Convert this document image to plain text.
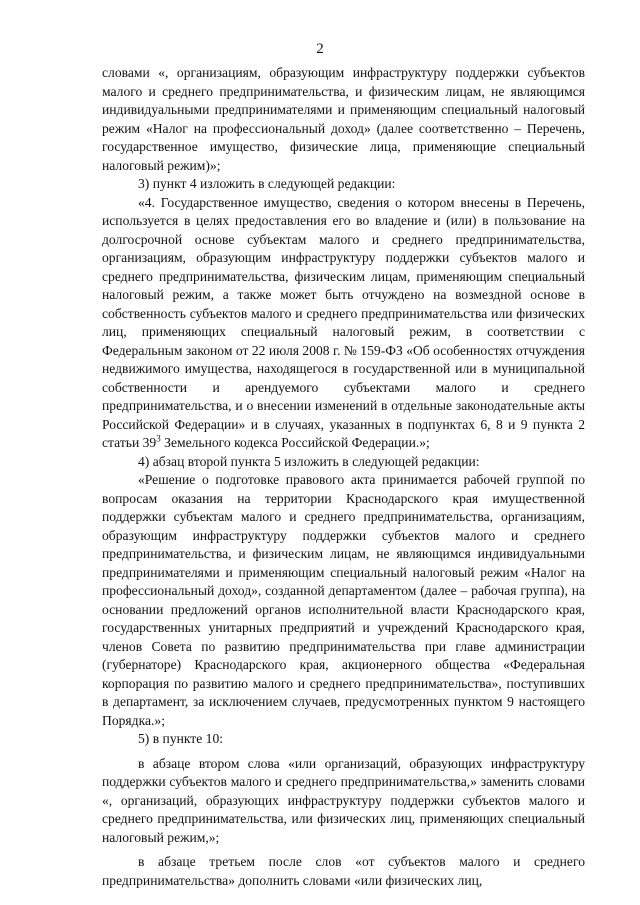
2

словами «, организациям, образующим инфраструктуру поддержки субъектов малого и среднего предпринимательства, и физическим лицам, не являющимся индивидуальными предпринимателями и применяющим специальный налоговый режим «Налог на профессиональный доход» (далее соответственно – Перечень, государственное имущество, физические лица, применяющие специальный налоговый режим)»;

3) пункт 4 изложить в следующей редакции:

«4. Государственное имущество, сведения о котором внесены в Перечень, используется в целях предоставления его во владение и (или) в пользование на долгосрочной основе субъектам малого и среднего предпринимательства, организациям, образующим инфраструктуру поддержки субъектов малого и среднего предпринимательства, физическим лицам, применяющим специальный налоговый режим, а также может быть отчуждено на возмездной основе в собственность субъектов малого и среднего предпринимательства или физических лиц, применяющих специальный налоговый режим, в соответствии с Федеральным законом от 22 июля 2008 г. № 159-ФЗ «Об особенностях отчуждения недвижимого имущества, находящегося в государственной или в муниципальной собственности и арендуемого субъектами малого и среднего предпринимательства, и о внесении изменений в отдельные законодательные акты Российской Федерации» и в случаях, указанных в подпунктах 6, 8 и 9 пункта 2 статьи $39^3$ Земельного кодекса Российской Федерации.»;

4) абзац второй пункта 5 изложить в следующей редакции:

«Решение о подготовке правового акта принимается рабочей группой по вопросам оказания на территории Краснодарского края имущественной поддержки субъектам малого и среднего предпринимательства, организациям, образующим инфраструктуру поддержки субъектов малого и среднего предпринимательства, и физическим лицам, не являющимся индивидуальными предпринимателями и применяющим специальный налоговый режим «Налог на профессиональный доход», созданной департаментом (далее – рабочая группа), на основании предложений органов исполнительной власти Краснодарского края, государственных унитарных предприятий и учреждений Краснодарского края, членов Совета по развитию предпринимательства при главе администрации (губернаторе) Краснодарского края, акционерного общества «Федеральная корпорация по развитию малого и среднего предпринимательства», поступивших в департамент, за исключением случаев, предусмотренных пунктом 9 настоящего Порядка.»;

5) в пункте 10:

в абзаце втором слова «или организаций, образующих инфраструктуру поддержки субъектов малого и среднего предпринимательства,» заменить словами «, организаций, образующих инфраструктуру поддержки субъектов малого и среднего предпринимательства, или физических лиц, применяющих специальный налоговый режим,»;

в абзаце третьем после слов «от субъектов малого и среднего предпринимательства» дополнить словами «или физических лиц,
